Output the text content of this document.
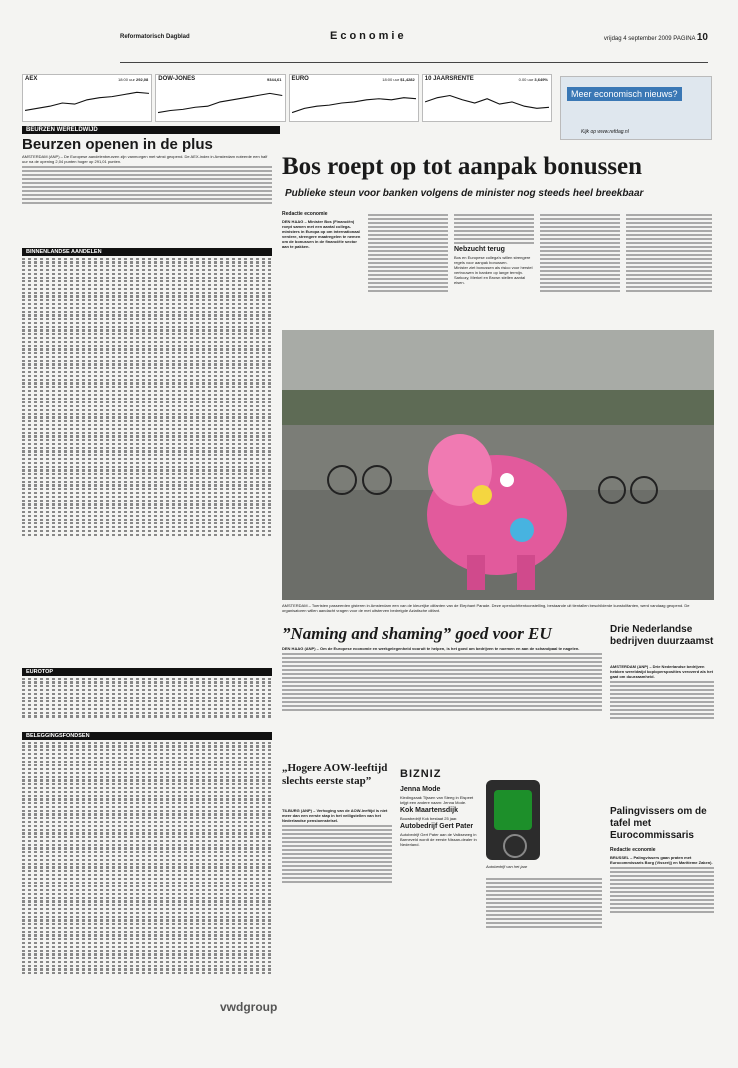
Reformatorisch Dagblad	Economie	vrijdag 4 september 2009 PAGINA 10
AEX	18:00 uur 292,08 DOW-JONES	9344,61 EURO	18:00 uur $1,4282 10 JAARSRENTE	0.00 uur 3,649%
Meer economisch nieuws?
Kijk op www.refdag.nl
BEURZEN WERELDWIJD
Beurzen openen in de plus
AMSTERDAM (ANP) – De Europese aandelenbeurzen zijn vanmorgen met winst geopend. De AEX-index in Amsterdam noteerde een half uur na de opening 2,04 punten hoger op 291,01 punten.
BINNENLANDSE AANDELEN
EUROTOP
BELEGGINGSFONDSEN
vwdgroup
Bos roept op tot aanpak bonussen
Publieke steun voor banken volgens de minister nog steeds heel breekbaar
Redactie economie
DEN HAAG – Minister Bos (Financiën) roept samen met een aantal collega-ministers in Europa op om internationaal verdere, strengere maatregelen te nemen om de bonussen in de financiële sector aan te pakken.	Nebzucht terug
Bos en Europese collega's willen strengere regels voor aanpak bonussen.
Minister ziet bonussen als risico voor herstel vertrouwen in banken op lange termijn.
Sarkozy, Merkel en Brown stellen aantal eisen.
AMSTERDAM – Toeristen passeerden gisteren in Amsterdam een van de kleurrijke olifanten van de Elephant Parade. Deze openluchttentoonstelling, bestaande uit tientallen beschilderde kunstolifanten, werd vandaag geopend. De organisatoren willen aandacht vragen voor de met uitsterven bedreigde Aziatische olifant.
”Naming and shaming” goed voor EU
DEN HAAG (ANP) – Om de Europese economie en werkgelegenheid vooruit te helpen, is het goed om bedrijven te noemen en aan de schandpaal te nagelen.
Drie Nederlandse bedrijven duurzaamst
AMSTERDAM (ANP) – Drie Nederlandse bedrijven hebben wereldwijd koplopersposities veroverd als het gaat om duurzaamheid.
Palingvissers om de tafel met Eurocommissaris
Redactie economie
BRUSSEL – Palingvissers gaan praten met Eurocommissaris Borg (Visserij) en Maritieme Zaken).
„Hogere AOW-leeftijd slechts eerste stap”
TILBURG (ANP) – Verhoging van de AOW-leeftijd is niet meer dan een eerste stap in het veiligstellen van het Nederlandse pensioenstelsel.
BIZNIZ
Jenna Mode
Kledingzaak Tijssen van Steeg in Elspeet krijgt een andere naam: Jenna Mode.
Kok Maartensdijk
Bouwbedrijf Kok bestaat 25 jaar.
Autobedrijf Gert Pater
Autobedrijf Gert Pater aan de Valkseweg in Barneveld wordt de eerste Nissan-dealer in Nederland.
Autobedrijf van het jaar
